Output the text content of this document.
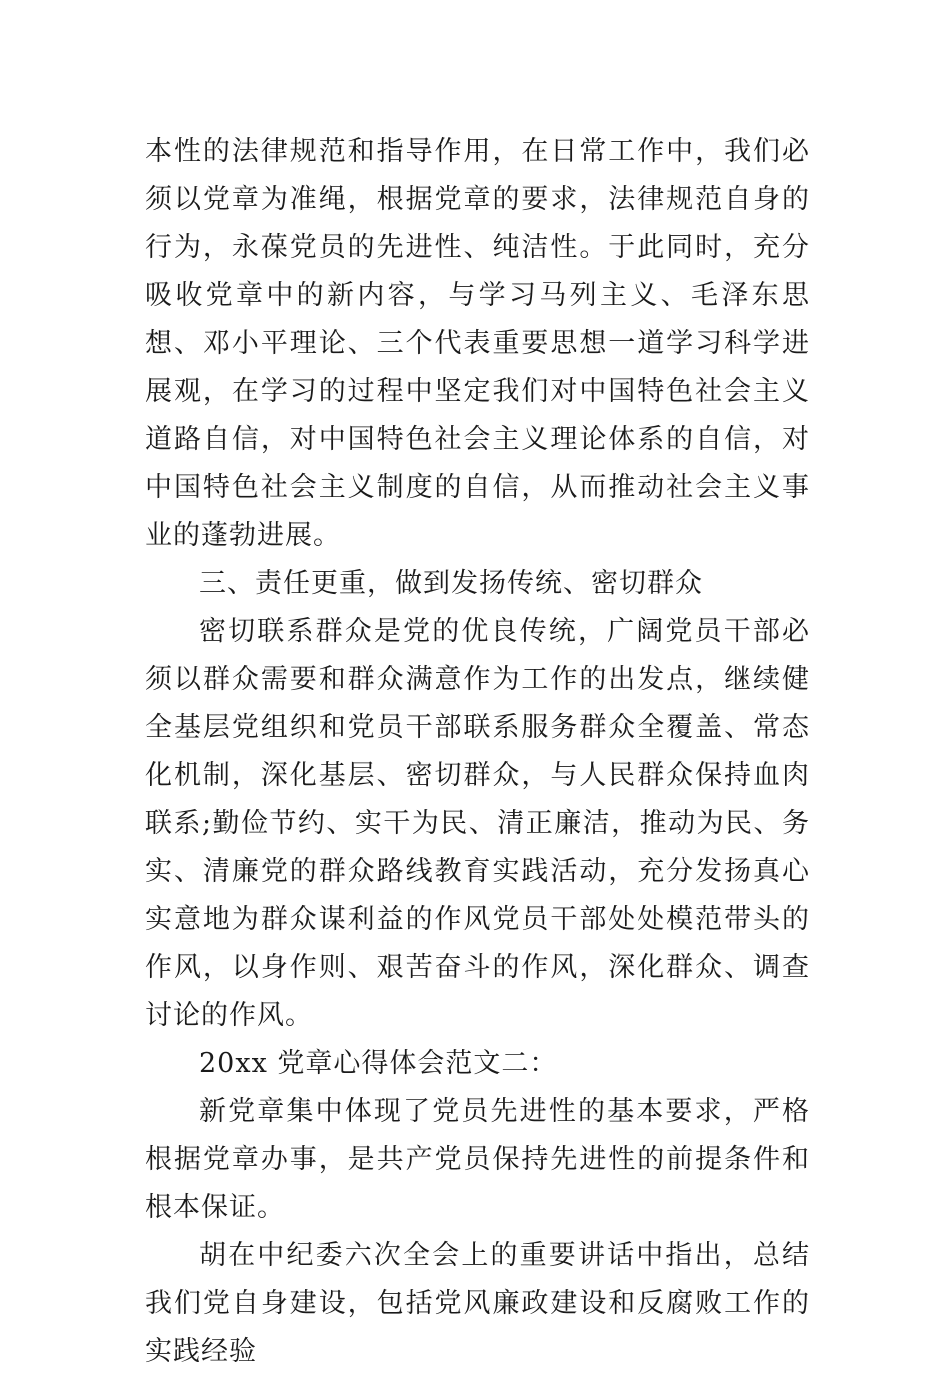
本性的法律规范和指导作用，在日常工作中，我们必须以党章为准绳，根据党章的要求，法律规范自身的行为，永葆党员的先进性、纯洁性。于此同时，充分吸收党章中的新内容，与学习马列主义、毛泽东思想、邓小平理论、三个代表重要思想一道学习科学进展观，在学习的过程中坚定我们对中国特色社会主义道路自信，对中国特色社会主义理论体系的自信，对中国特色社会主义制度的自信，从而推动社会主义事业的蓬勃进展。

三、责任更重，做到发扬传统、密切群众

密切联系群众是党的优良传统，广阔党员干部必须以群众需要和群众满意作为工作的出发点，继续健全基层党组织和党员干部联系服务群众全覆盖、常态化机制，深化基层、密切群众，与人民群众保持血肉联系;勤俭节约、实干为民、清正廉洁，推动为民、务实、清廉党的群众路线教育实践活动，充分发扬真心实意地为群众谋利益的作风党员干部处处模范带头的作风，以身作则、艰苦奋斗的作风，深化群众、调查讨论的作风。

20xx 党章心得体会范文二：

新党章集中体现了党员先进性的基本要求，严格根据党章办事，是共产党员保持先进性的前提条件和根本保证。

胡在中纪委六次全会上的重要讲话中指出，总结我们党自身建设，包括党风廉政建设和反腐败工作的实践经验
